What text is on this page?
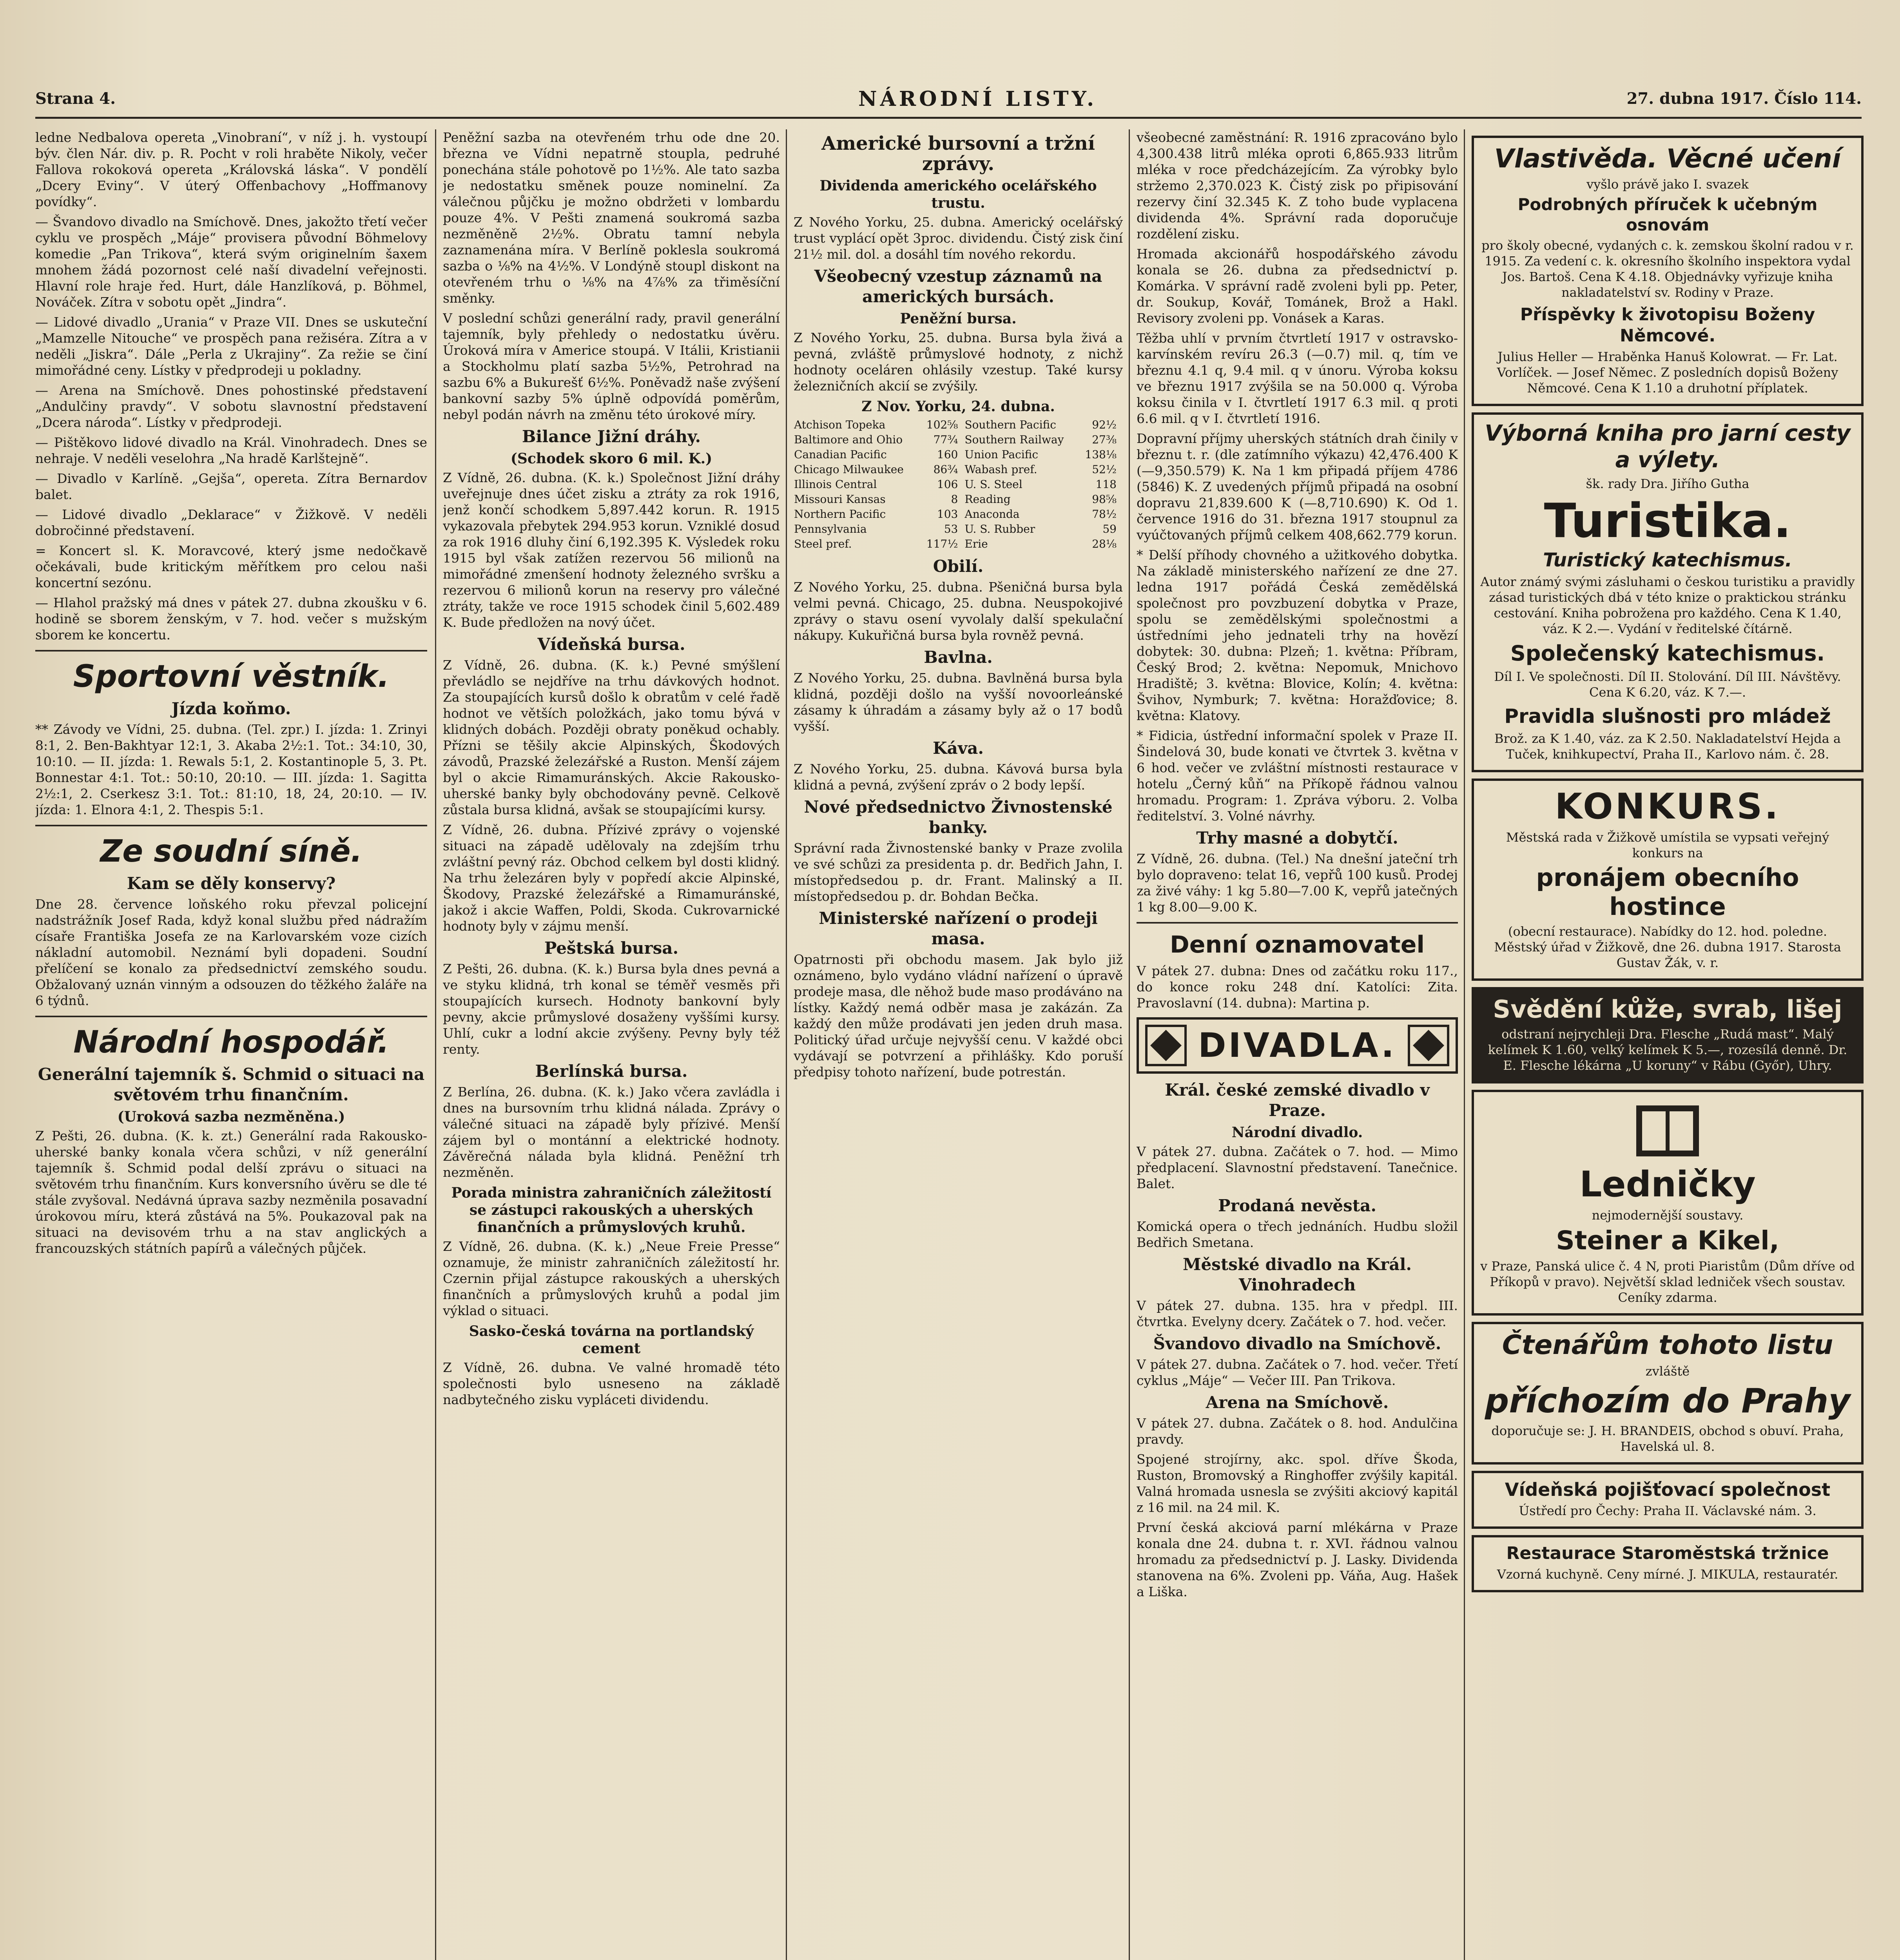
Strana 4.	NÁRODNÍ LISTY.	27. dubna 1917. Číslo 114.

ledne Nedbalova opereta „Vinobraní“, v níž j. h. vystoupí býv. člen Nár. div. p. R. Pocht v roli hraběte Nikoly, večer Fallova rokoková opereta „Královská láska“. V pondělí „Dcery Eviny“. V úterý Offenbachovy „Hoffmanovy povídky“.

— Švandovo divadlo na Smíchově. Dnes, jakožto třetí večer cyklu ve prospěch „Máje“ provisera původní Böhmelovy komedie „Pan Trikova“, která svým originelním šaxem mnohem žádá pozornost celé naší divadelní veřejnosti. Hlavní role hraje řed. Hurt, dále Hanzlíková, p. Böhmel, Nováček. Zítra v sobotu opět „Jindra“.

— Lidové divadlo „Urania“ v Praze VII. Dnes se uskuteční „Mamzelle Nitouche“ ve prospěch pana režiséra. Zítra a v neděli „Jiskra“. Dále „Perla z Ukrajiny“. Za režie se činí mimořádné ceny. Lístky v předprodeji u pokladny.

— Arena na Smíchově. Dnes pohostinské představení „Andulčiny pravdy“. V sobotu slavnostní představení „Dcera národa“. Lístky v předprodeji.

— Pištěkovo lidové divadlo na Král. Vinohradech. Dnes se nehraje. V neděli veselohra „Na hradě Karlštejně“.

— Divadlo v Karlíně. „Gejša“, opereta. Zítra Bernardov balet.

— Lidové divadlo „Deklarace“ v Žižkově. V neděli dobročinné představení.

= Koncert sl. K. Moravcové, který jsme nedočkavě očekávali, bude kritickým měřítkem pro celou naši koncertní sezónu.

— Hlahol pražský má dnes v pátek 27. dubna zkoušku v 6. hodině se sborem ženským, v 7. hod. večer s mužským sborem ke koncertu.

Sportovní věstník.
Jízda koňmo.

** Závody ve Vídni, 25. dubna. (Tel. zpr.) I. jízda: 1. Zrinyi 8:1, 2. Ben-Bakhtyar 12:1, 3. Akaba 2½:1. Tot.: 34:10, 30, 10:10. — II. jízda: 1. Rewals 5:1, 2. Kostantinople 5, 3. Pt. Bonnestar 4:1. Tot.: 50:10, 20:10. — III. jízda: 1. Sagitta 2½:1, 2. Cserkesz 3:1. Tot.: 81:10, 18, 24, 20:10. — IV. jízda: 1. Elnora 4:1, 2. Thespis 5:1.

Ze soudní síně.
Kam se děly konservy?

Dne 28. července loňského roku převzal policejní nadstrážník Josef Rada, když konal službu před nádražím císaře Františka Josefa ze na Karlovarském voze cizích nákladní automobil. Neznámí byli dopadeni. Soudní přelíčení se konalo za předsednictví zemského soudu. Obžalovaný uznán vinným a odsouzen do těžkého žaláře na 6 týdnů.

Národní hospodář.
Generální tajemník š. Schmid o situaci na světovém trhu finančním.
(Uroková sazba nezměněna.)

Z Pešti, 26. dubna. (K. k. zt.) Generální rada Rakousko-uherské banky konala včera schůzi, v níž generální tajemník š. Schmid podal delší zprávu o situaci na světovém trhu finančním. Kurs konversního úvěru se dle té stále zvyšoval. Nedávná úprava sazby nezměnila posavadní úrokovou míru, která zůstává na 5%. Poukazoval pak na situaci na devisovém trhu a na stav anglických a francouzských státních papírů a válečných půjček.

Peněžní sazba na otevřeném trhu ode dne 20. března ve Vídni nepatrně stoupla, pedruhé ponechána stále pohotově po 1½%. Ale tato sazba je nedostatku směnek pouze nominelní. Za válečnou půjčku je možno obdržeti v lombardu pouze 4%. V Pešti znamená soukromá sazba nezměněně 2½%. Obratu tamní nebyla zaznamenána míra. V Berlíně poklesla soukromá sazba o ⅛% na 4½%. V Londýně stoupl diskont na otevřeném trhu o ⅛% na 4⅞% za třiměsíční směnky.

V poslední schůzi generální rady, pravil generální tajemník, byly přehledy o nedostatku úvěru. Úroková míra v Americe stoupá. V Itálii, Kristianii a Stockholmu platí sazba 5½%, Petrohrad na sazbu 6% a Bukurešť 6½%. Poněvadž naše zvýšení bankovní sazby 5% úplně odpovídá poměrům, nebyl podán návrh na změnu této úrokové míry.

Bilance Jižní dráhy.
(Schodek skoro 6 mil. K.)

Z Vídně, 26. dubna. (K. k.) Společnost Jižní dráhy uveřejnuje dnes účet zisku a ztráty za rok 1916, jenž končí schodkem 5,897.442 korun. R. 1915 vykazovala přebytek 294.953 korun. Vzniklé dosud za rok 1916 dluhy činí 6,192.395 K. Výsledek roku 1915 byl však zatížen rezervou 56 milionů na mimořádné zmenšení hodnoty železného svršku a rezervou 6 milionů korun na reservy pro válečné ztráty, takže ve roce 1915 schodek činil 5,602.489 K. Bude předložen na nový účet.

Vídeňská bursa.

Z Vídně, 26. dubna. (K. k.) Pevné smýšlení převládlo se nejdříve na trhu dávkových hodnot. Za stoupajících kursů došlo k obratům v celé řadě hodnot ve větších položkách, jako tomu bývá v klidných dobách. Později obraty poněkud ochably. Přízni se těšily akcie Alpinských, Škodových závodů, Prazské železářské a Ruston. Menší zájem byl o akcie Rimamuránských. Akcie Rakousko-uherské banky byly obchodovány pevně. Celkově zůstala bursa klidná, avšak se stoupajícími kursy.

Z Vídně, 26. dubna. Přízivé zprávy o vojenské situaci na západě udělovaly na zdejším trhu zvláštní pevný ráz. Obchod celkem byl dosti klidný. Na trhu železáren byly v popředí akcie Alpinské, Škodovy, Prazské železářské a Rimamuránské, jakož i akcie Waffen, Poldi, Skoda. Cukrovarnické hodnoty byly v zájmu menší.

Peštská bursa.

Z Pešti, 26. dubna. (K. k.) Bursa byla dnes pevná a ve styku klidná, trh konal se téměř vesměs při stoupajících kursech. Hodnoty bankovní byly pevny, akcie průmyslové dosaženy vyššími kursy. Uhlí, cukr a lodní akcie zvýšeny. Pevny byly též renty.

Berlínská bursa.

Z Berlína, 26. dubna. (K. k.) Jako včera zavládla i dnes na bursovním trhu klidná nálada. Zprávy o válečné situaci na západě byly přízivé. Menší zájem byl o montánní a elektrické hodnoty. Závěrečná nálada byla klidná. Peněžní trh nezměněn.

Porada ministra zahraničních záležitostí se zástupci rakouských a uherských finančních a průmyslových kruhů.

Z Vídně, 26. dubna. (K. k.) „Neue Freie Presse“ oznamuje, že ministr zahraničních záležitostí hr. Czernin přijal zástupce rakouských a uherských finančních a průmyslových kruhů a podal jim výklad o situaci.

Sasko-česká továrna na portlandský cement

Z Vídně, 26. dubna. Ve valné hromadě této společnosti bylo usneseno na základě nadbytečného zisku vypláceti dividendu.

Americké bursovní a tržní zprávy.
Dividenda amerického ocelářského trustu.

Z Nového Yorku, 25. dubna. Americký ocelářský trust vyplácí opět 3proc. dividendu. Čistý zisk činí 21½ mil. dol. a dosáhl tím nového rekordu.

Všeobecný vzestup záznamů na amerických bursách.
Peněžní bursa.

Z Nového Yorku, 25. dubna. Bursa byla živá a pevná, zvláště průmyslové hodnoty, z nichž hodnoty oceláren ohlásily vzestup. Také kursy železničních akcií se zvýšily.

Z Nov. Yorku, 24. dubna.
Atchison Topeka	102⅝	Southern Pacific	92½
Baltimore and Ohio	77¾	Southern Railway	27⅜
Canadian Pacific	160	Union Pacific	138⅛
Chicago Milwaukee	86¾	Wabash pref.	52½
Illinois Central	106	U. S. Steel	118
Missouri Kansas	8	Reading	98⅝
Northern Pacific	103	Anaconda	78½
Pennsylvania	53	U. S. Rubber	59
Steel pref.	117½	Erie	28⅛
Obilí.

Z Nového Yorku, 25. dubna. Pšeničná bursa byla velmi pevná. Chicago, 25. dubna. Neuspokojivé zprávy o stavu osení vyvolaly další spekulační nákupy. Kukuřičná bursa byla rovněž pevná.

Bavlna.

Z Nového Yorku, 25. dubna. Bavlněná bursa byla klidná, později došlo na vyšší novoorleánské zásamy k úhradám a zásamy byly až o 17 bodů vyšší.

Káva.

Z Nového Yorku, 25. dubna. Kávová bursa byla klidná a pevná, zvýšení zpráv o 2 body lepší.

Nové předsednictvo Živnostenské banky.

Správní rada Živnostenské banky v Praze zvolila ve své schůzi za presidenta p. dr. Bedřich Jahn, I. místopředsedou p. dr. Frant. Malinský a II. místopředsedou p. dr. Bohdan Bečka.

Ministerské nařízení o prodeji masa.

Opatrnosti při obchodu masem. Jak bylo již oznámeno, bylo vydáno vládní nařízení o úpravě prodeje masa, dle něhož bude maso prodáváno na lístky. Každý nemá odběr masa je zakázán. Za každý den může prodávati jen jeden druh masa. Politický úřad určuje nejvyšší cenu. V každé obci vydávají se potvrzení a přihlášky. Kdo poruší předpisy tohoto nařízení, bude potrestán.

všeobecné zaměstnání: R. 1916 zpracováno bylo 4,300.438 litrů mléka oproti 6,865.933 litrům mléka v roce předcházejícím. Za výrobky bylo stržemo 2,370.023 K. Čistý zisk po připisování rezervy činí 32.345 K. Z toho bude vyplacena dividenda 4%. Správní rada doporučuje rozdělení zisku.

Hromada akcionářů hospodářského závodu konala se 26. dubna za předsednictví p. Komárka. V správní radě zvoleni byli pp. Peter, dr. Soukup, Kovář, Tománek, Brož a Hakl. Revisory zvoleni pp. Vonásek a Karas.

Těžba uhlí v prvním čtvrtletí 1917 v ostravsko-karvínském revíru 26.3 (—0.7) mil. q, tím ve březnu 4.1 q, 9.4 mil. q v únoru. Výroba koksu ve březnu 1917 zvýšila se na 50.000 q. Výroba koksu činila v I. čtvrtletí 1917 6.3 mil. q proti 6.6 mil. q v I. čtvrtletí 1916.

Dopravní příjmy uherských státních drah činily v březnu t. r. (dle zatímního výkazu) 42,476.400 K (—9,350.579) K. Na 1 km připadá příjem 4786 (5846) K. Z uvedených příjmů připadá na osobní dopravu 21,839.600 K (—8,710.690) K. Od 1. července 1916 do 31. března 1917 stoupnul za vyúčtovaných příjmů celkem 408,662.779 korun.

* Delší příhody chovného a užitkového dobytka. Na základě ministerského nařízení ze dne 27. ledna 1917 pořádá Česká zemědělská společnost pro povzbuzení dobytka v Praze, spolu se zemědělskými společnostmi a ústředními jeho jednateli trhy na hovězí dobytek: 30. dubna: Plzeň; 1. května: Příbram, Český Brod; 2. května: Nepomuk, Mnichovo Hradiště; 3. května: Blovice, Kolín; 4. května: Švihov, Nymburk; 7. května: Horažďovice; 8. května: Klatovy.

* Fidicia, ústřední informační spolek v Praze II. Šindelová 30, bude konati ve čtvrtek 3. května v 6 hod. večer ve zvláštní místnosti restaurace v hotelu „Černý kůň“ na Příkopě řádnou valnou hromadu. Program: 1. Zpráva výboru. 2. Volba ředitelství. 3. Volné návrhy.

Trhy masné a dobytčí.

Z Vídně, 26. dubna. (Tel.) Na dnešní jateční trh bylo dopraveno: telat 16, vepřů 100 kusů. Prodej za živé váhy: 1 kg 5.80—7.00 K, vepřů jatečných 1 kg 8.00—9.00 K.

Denní oznamovatel

V pátek 27. dubna: Dnes od začátku roku 117., do konce roku 248 dní. Katolíci: Zita. Pravoslavní (14. dubna): Martina p.

DIVADLA.
Král. české zemské divadlo v Praze.
Národní divadlo.

V pátek 27. dubna. Začátek o 7. hod. — Mimo předplacení. Slavnostní představení. Tanečnice. Balet.

Prodaná nevěsta.

Komická opera o třech jednáních. Hudbu složil Bedřich Smetana.

Městské divadlo na Král. Vinohradech

V pátek 27. dubna. 135. hra v předpl. III. čtvrtka. Evelyny dcery. Začátek o 7. hod. večer.

Švandovo divadlo na Smíchově.

V pátek 27. dubna. Začátek o 7. hod. večer. Třetí cyklus „Máje“ — Večer III. Pan Trikova.

Arena na Smíchově.

V pátek 27. dubna. Začátek o 8. hod. Andulčina pravdy.

Spojené strojírny, akc. spol. dříve Škoda, Ruston, Bromovský a Ringhoffer zvýšily kapitál. Valná hromada usnesla se zvýšiti akciový kapitál z 16 mil. na 24 mil. K.

První česká akciová parní mlékárna v Praze konala dne 24. dubna t. r. XVI. řádnou valnou hromadu za předsednictví p. J. Lasky. Dividenda stanovena na 6%. Zvoleni pp. Váňa, Aug. Hašek a Liška.

Vlastivěda. Věcné učení
vyšlo právě jako I. svazek
Podrobných příruček k učebným osnovám
pro školy obecné, vydaných c. k. zemskou školní radou v r. 1915. Za vedení c. k. okresního školního inspektora vydal Jos. Bartoš. Cena K 4.18. Objednávky vyřizuje kniha nakladatelství sv. Rodiny v Praze.
Příspěvky k životopisu Boženy Němcové.
Julius Heller — Hraběnka Hanuš Kolowrat. — Fr. Lat. Vorlíček. — Josef Němec. Z posledních dopisů Boženy Němcové. Cena K 1.10 a druhotní příplatek.
Výborná kniha pro jarní cesty a výlety.
šk. rady Dra. Jiřího Gutha
Turistika.
Turistický katechismus.
Autor známý svými zásluhami o českou turistiku a pravidly zásad turistických dbá v této knize o praktickou stránku cestování. Kniha pobrožena pro každého. Cena K 1.40, váz. K 2.—. Vydání v ředitelské čítárně.
Společenský katechismus.
Díl I. Ve společnosti. Díl II. Stolování. Díl III. Návštěvy. Cena K 6.20, váz. K 7.—.
Pravidla slušnosti pro mládež
Brož. za K 1.40, váz. za K 2.50. Nakladatelství Hejda a Tuček, knihkupectví, Praha II., Karlovo nám. č. 28.
KONKURS.
Městská rada v Žižkově umístila se vypsati veřejný konkurs na
pronájem obecního hostince
(obecní restaurace). Nabídky do 12. hod. poledne. Městský úřad v Žižkově, dne 26. dubna 1917. Starosta Gustav Žák, v. r.
Svědění kůže, svrab, lišej
odstraní nejrychleji Dra. Flesche „Rudá mast“. Malý kelímek K 1.60, velký kelímek K 5.—, rozesílá denně. Dr. E. Flesche lékárna „U koruny“ v Rábu (Győr), Uhry.
Ledničky
nejmodernější soustavy.
Steiner a Kikel,
v Praze, Panská ulice č. 4 N, proti Piaristům (Dům dříve od Příkopů v pravo). Největší sklad ledniček všech soustav. Ceníky zdarma.
Čtenářům tohoto listu
zvláště
příchozím do Prahy
doporučuje se: J. H. BRANDEIS, obchod s obuví. Praha, Havelská ul. 8.
Vídeňská pojišťovací společnost
Ústředí pro Čechy: Praha II. Václavské nám. 3.
Restaurace Staroměstská tržnice
Vzorná kuchyně. Ceny mírné. J. MIKULA, restauratér.
